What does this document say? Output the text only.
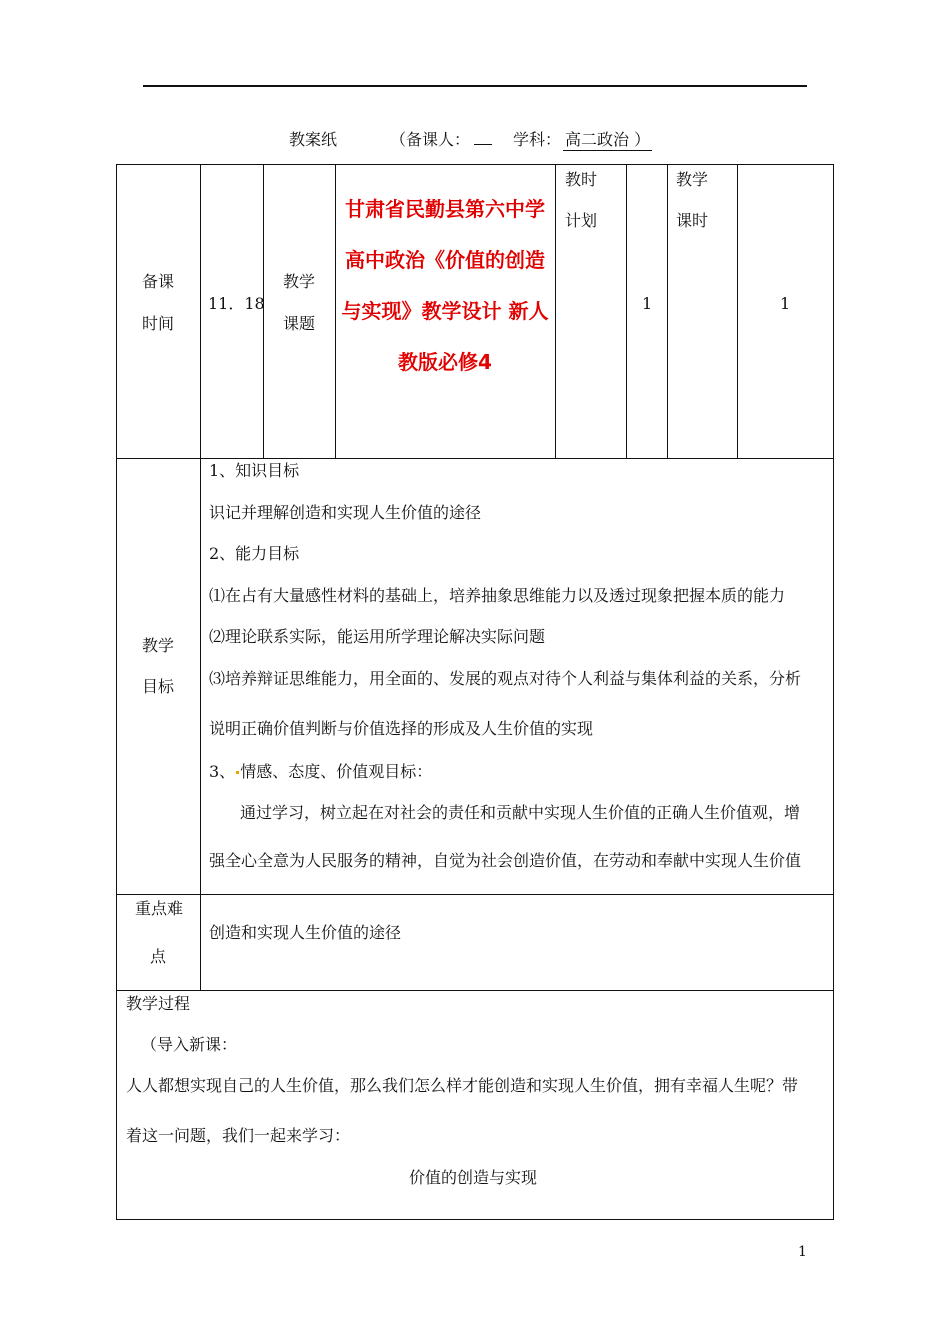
教案纸	（备课人：	学科： 高二政治 ）
备课
时间
11．18
教学
课题
甘肃省民勤县第六中学高中政治《价值的创造与实现》教学设计 新人教版必修4
教时
计划
1
教学
课时
1
教学
目标
1、知识目标
识记并理解创造和实现人生价值的途径
2、能力目标
⑴在占有大量感性材料的基础上，培养抽象思维能力以及透过现象把握本质的能力
⑵理论联系实际，能运用所学理论解决实际问题
⑶培养辩证思维能力，用全面的、发展的观点对待个人利益与集体利益的关系，分析
说明正确价值判断与价值选择的形成及人生价值的实现
3、 情感、态度、价值观目标：
通过学习，树立起在对社会的责任和贡献中实现人生价值的正确人生价值观，增
强全心全意为人民服务的精神，自觉为社会创造价值，在劳动和奉献中实现人生价值
重点难
点
创造和实现人生价值的途径
教学过程
（导入新课：
人人都想实现自己的人生价值，那么我们怎么样才能创造和实现人生价值，拥有幸福人生呢？带
着这一问题，我们一起来学习：
价值的创造与实现
1
